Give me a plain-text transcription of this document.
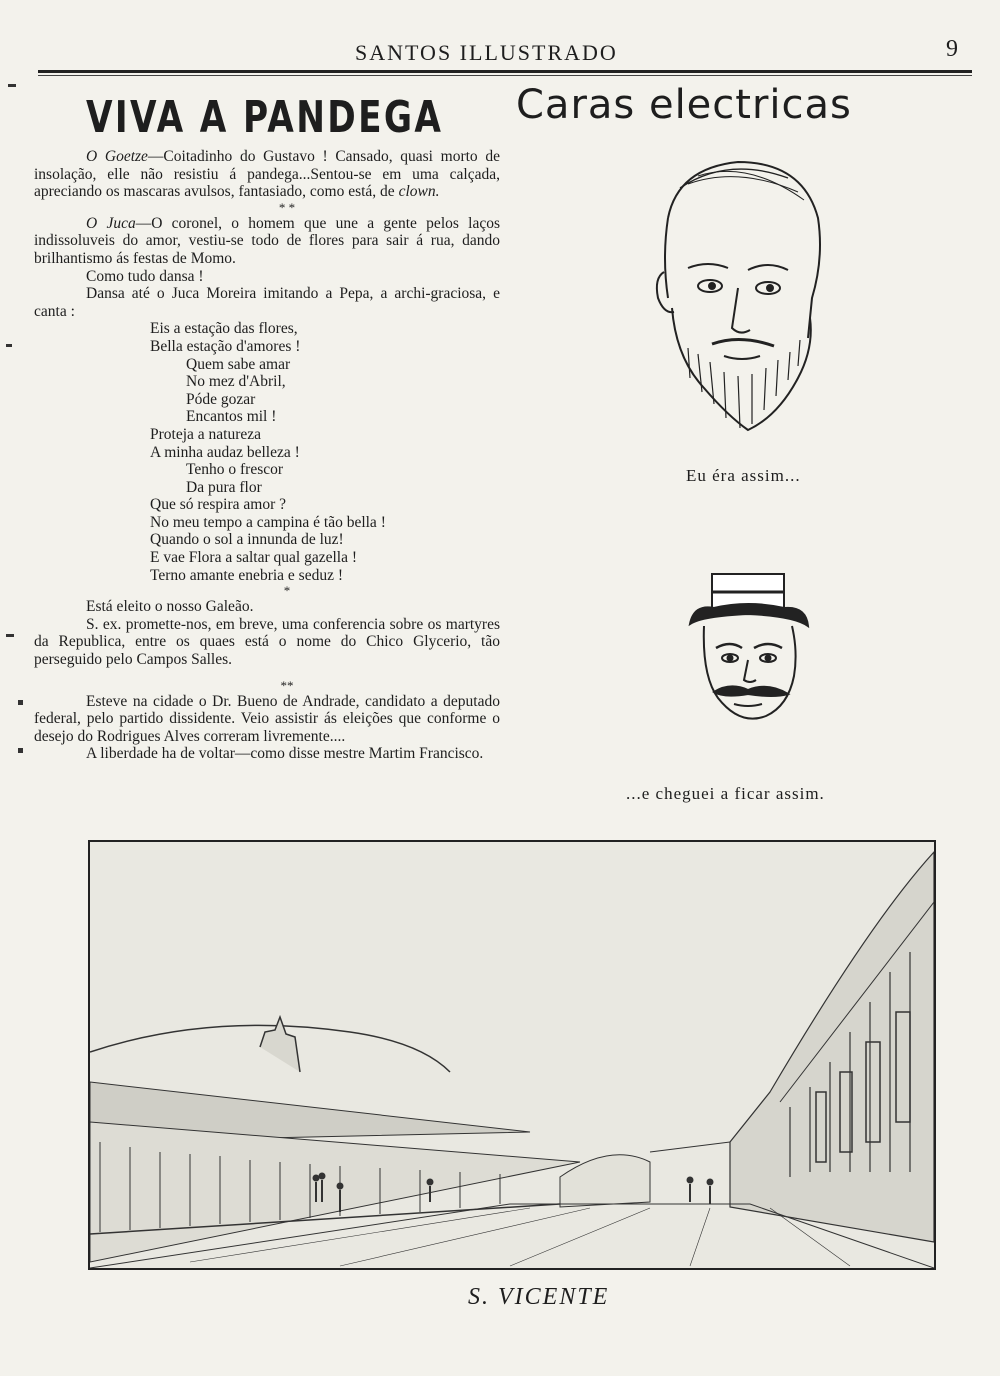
SANTOS ILLUSTRADO	9
VIVA A PANDEGA Caras electricas

O Goetze—Coitadinho do Gustavo ! Cansado, quasi morto de insolação, elle não resistiu á pandega...Sentou-se em uma calçada, apreciando os mascaras avulsos, fantasiado, como está, de clown.

* *

O Juca—O coronel, o homem que une a gente pelos laços indissoluveis do amor, vestiu-se todo de flores para sair á rua, dando brilhantismo ás festas de Momo.

Como tudo dansa !

Dansa até o Juca Moreira imitando a Pepa, a archi-graciosa, e canta :

Eis a estação das flores,

Bella estação d'amores !

Quem sabe amar

No mez d'Abril,

Póde gozar

Encantos mil !

Proteja a natureza

A minha audaz belleza !

Tenho o frescor

Da pura flor

Que só respira amor ?

No meu tempo a campina é tão bella !

Quando o sol a innunda de luz!

E vae Flora a saltar qual gazella !

Terno amante enebria e seduz !

*

Está eleito o nosso Galeão.

S. ex. promette-nos, em breve, uma conferencia sobre os martyres da Republica, entre os quaes está o nome do Chico Glycerio, tão perseguido pelo Campos Salles.

**

Esteve na cidade o Dr. Bueno de Andrade, candidato a deputado federal, pelo partido dissidente. Veio assistir ás eleições que conforme o desejo do Rodrigues Alves correram livremente....

A liberdade ha de voltar—como disse mestre Martim Francisco.

Eu éra assim...
...e cheguei a ficar assim.
S. VICENTE
